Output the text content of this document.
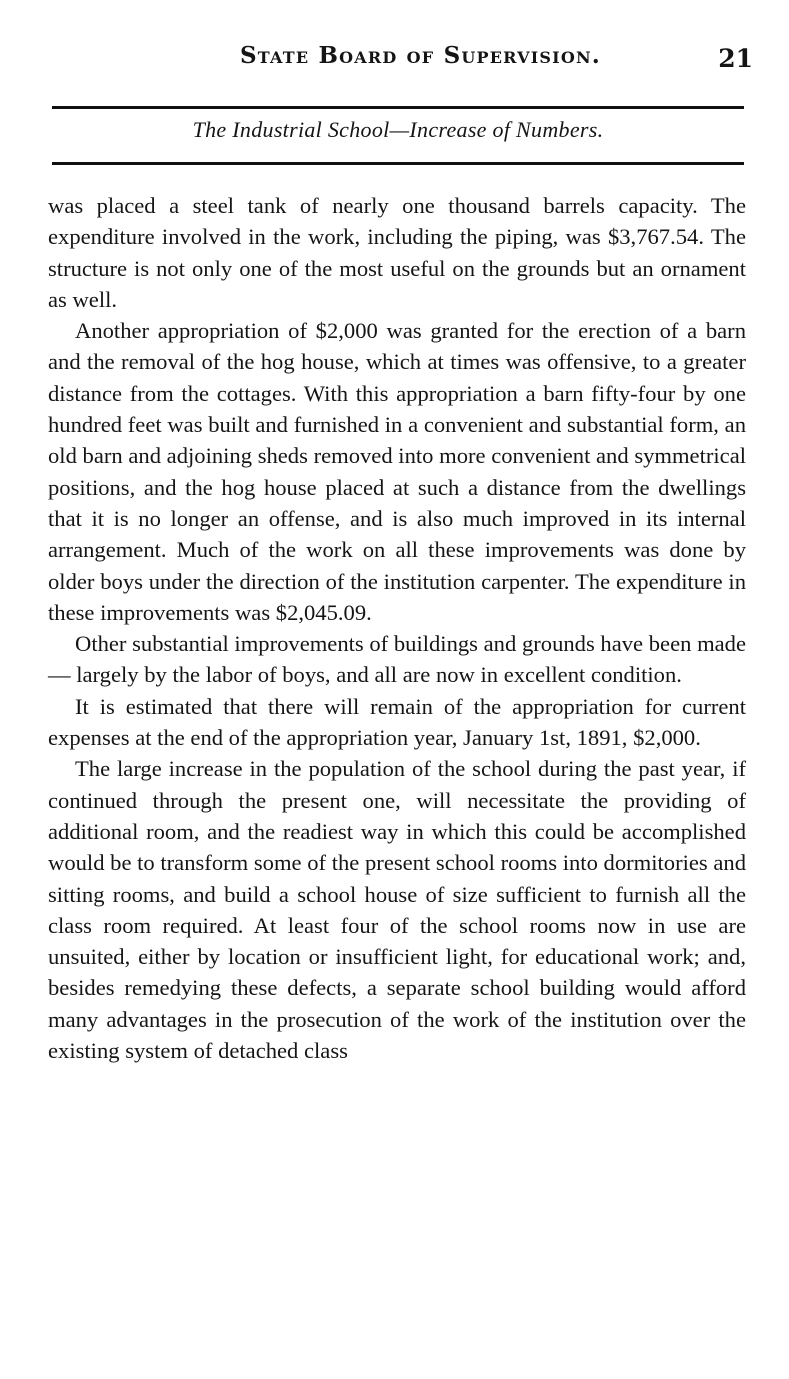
State Board of Supervision.	21
The Industrial School—Increase of Numbers.

was placed a steel tank of nearly one thousand barrels capacity. The expenditure involved in the work, including the piping, was $3,767.54. The structure is not only one of the most useful on the grounds but an ornament as well.

Another appropriation of $2,000 was granted for the erection of a barn and the removal of the hog house, which at times was offensive, to a greater distance from the cottages. With this appropriation a barn fifty-four by one hundred feet was built and furnished in a convenient and substantial form, an old barn and adjoining sheds removed into more convenient and symmetrical positions, and the hog house placed at such a distance from the dwellings that it is no longer an offense, and is also much improved in its internal arrangement. Much of the work on all these improvements was done by older boys under the direction of the institution carpenter. The expenditure in these improvements was $2,045.09.

Other substantial improvements of buildings and grounds have been made — largely by the labor of boys, and all are now in excellent condition.

It is estimated that there will remain of the appropriation for current expenses at the end of the appropriation year, January 1st, 1891, $2,000.

The large increase in the population of the school during the past year, if continued through the present one, will necessitate the providing of additional room, and the readiest way in which this could be accomplished would be to transform some of the present school rooms into dormitories and sitting rooms, and build a school house of size sufficient to furnish all the class room required. At least four of the school rooms now in use are unsuited, either by location or insufficient light, for educational work; and, besides remedying these defects, a separate school building would afford many advantages in the prosecution of the work of the institution over the existing system of detached class
